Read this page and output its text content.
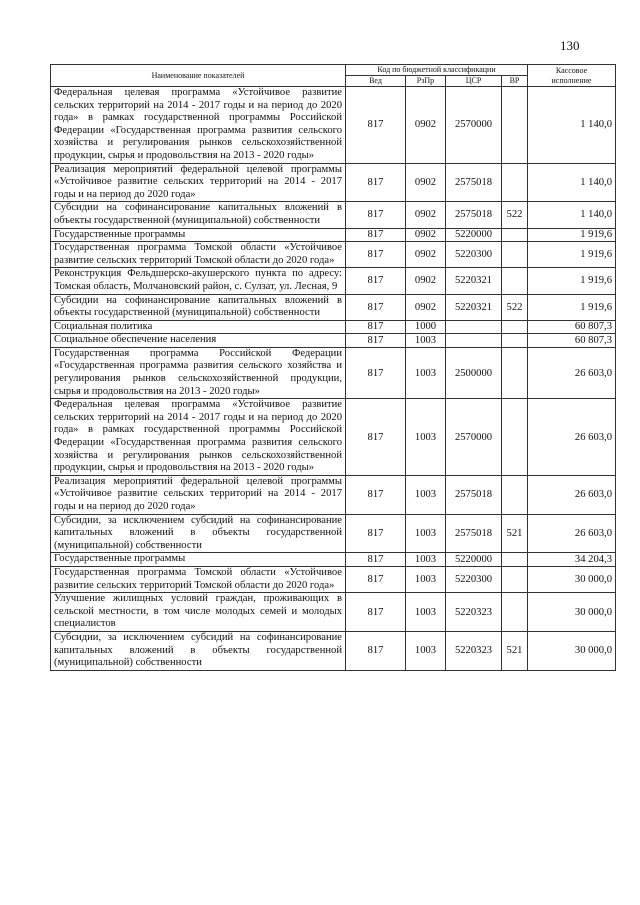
130
Наименование показателей	Код по бюджетной классификации				Кассовое
исполнение
	Вед	РзПр	ЦСР	ВР	
Федеральная целевая программа «Устойчивое развитие сельских территорий на 2014 - 2017 годы и на период до 2020 года» в рамках государственной программы Российской Федерации «Государственная программа развития сельского хозяйства и регулирования рынков сельскохозяйственной продукции, сырья и продовольствия на 2013 - 2020 годы»	817	0902	2570000		1 140,0
Реализация мероприятий федеральной целевой программы «Устойчивое развитие сельских территорий на 2014 - 2017 годы и на период до 2020 года»	817	0902	2575018		1 140,0
Субсидии на софинансирование капитальных вложений в объекты государственной (муниципальной) собственности	817	0902	2575018	522	1 140,0
Государственные программы	817	0902	5220000		1 919,6
Государственная программа Томской области «Устойчивое развитие сельских территорий Томской области до 2020 года»	817	0902	5220300		1 919,6
Реконструкция Фельдшерско-акушерского пункта по адресу: Томская область, Молчановский район, с. Сулзат, ул. Лесная, 9	817	0902	5220321		1 919,6
Субсидии на софинансирование капитальных вложений в объекты государственной (муниципальной) собственности	817	0902	5220321	522	1 919,6
Социальная политика	817	1000			60 807,3
Социальное обеспечение населения	817	1003			60 807,3
Государственная программа Российской Федерации «Государственная программа развития сельского хозяйства и регулирования рынков сельскохозяйственной продукции, сырья и продовольствия на 2013 - 2020 годы»	817	1003	2500000		26 603,0
Федеральная целевая программа «Устойчивое развитие сельских территорий на 2014 - 2017 годы и на период до 2020 года» в рамках государственной программы Российской Федерации «Государственная программа развития сельского хозяйства и регулирования рынков сельскохозяйственной продукции, сырья и продовольствия на 2013 - 2020 годы»	817	1003	2570000		26 603,0
Реализация мероприятий федеральной целевой программы «Устойчивое развитие сельских территорий на 2014 - 2017 годы и на период до 2020 года»	817	1003	2575018		26 603,0
Субсидии, за исключением субсидий на софинансирование капитальных вложений в объекты государственной (муниципальной) собственности	817	1003	2575018	521	26 603,0
Государственные программы	817	1003	5220000		34 204,3
Государственная программа Томской области «Устойчивое развитие сельских территорий Томской области до 2020 года»	817	1003	5220300		30 000,0
Улучшение жилищных условий граждан, проживающих в сельской местности, в том числе молодых семей и молодых специалистов	817	1003	5220323		30 000,0
Субсидии, за исключением субсидий на софинансирование капитальных вложений в объекты государственной (муниципальной) собственности	817	1003	5220323	521	30 000,0
